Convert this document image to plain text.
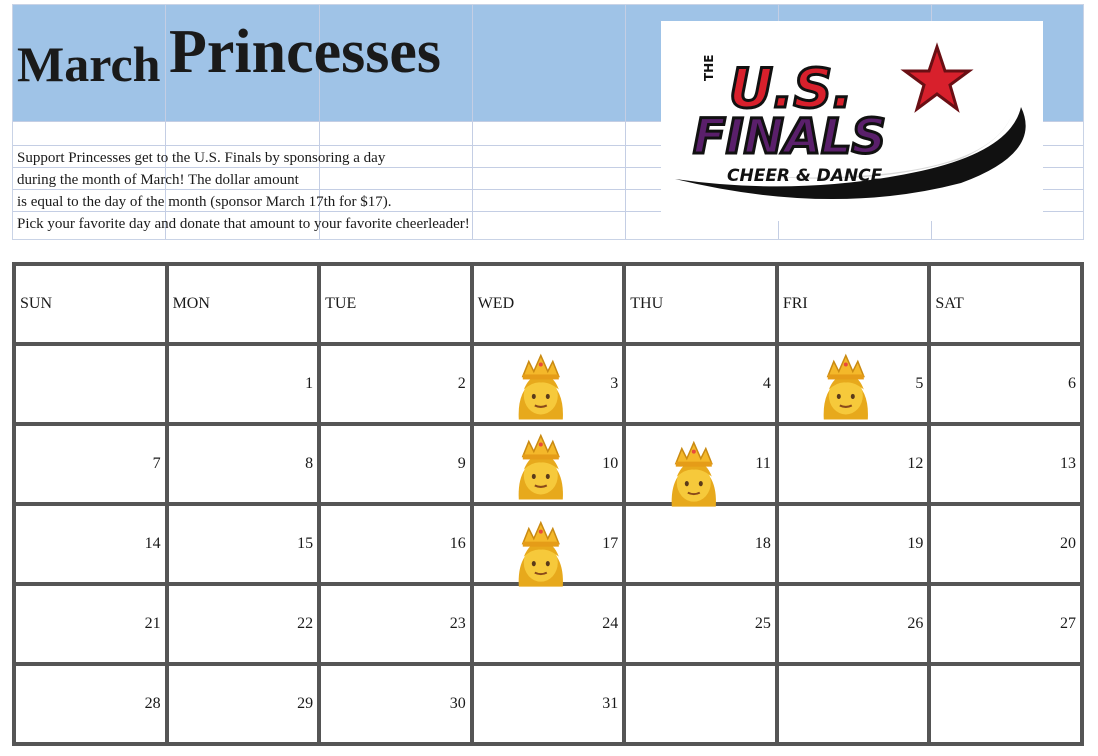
March Princesses

Support Princesses get to the U.S. Finals by sponsoring a day

during the month of March! The dollar amount

is equal to the day of the month (sponsor March 17th for $17).

Pick your favorite day and donate that amount to your favorite cheerleader!

THE U.S.
FINALS
CHEER & DANCE
SUN	MON	TUE	WED	THU	FRI	SAT

	1	2	3	4	5	6

7	8	9	10	11	12	13

14	15	16	17	18	19	20

21	22	23	24	25	26	27

28	29	30	31			
